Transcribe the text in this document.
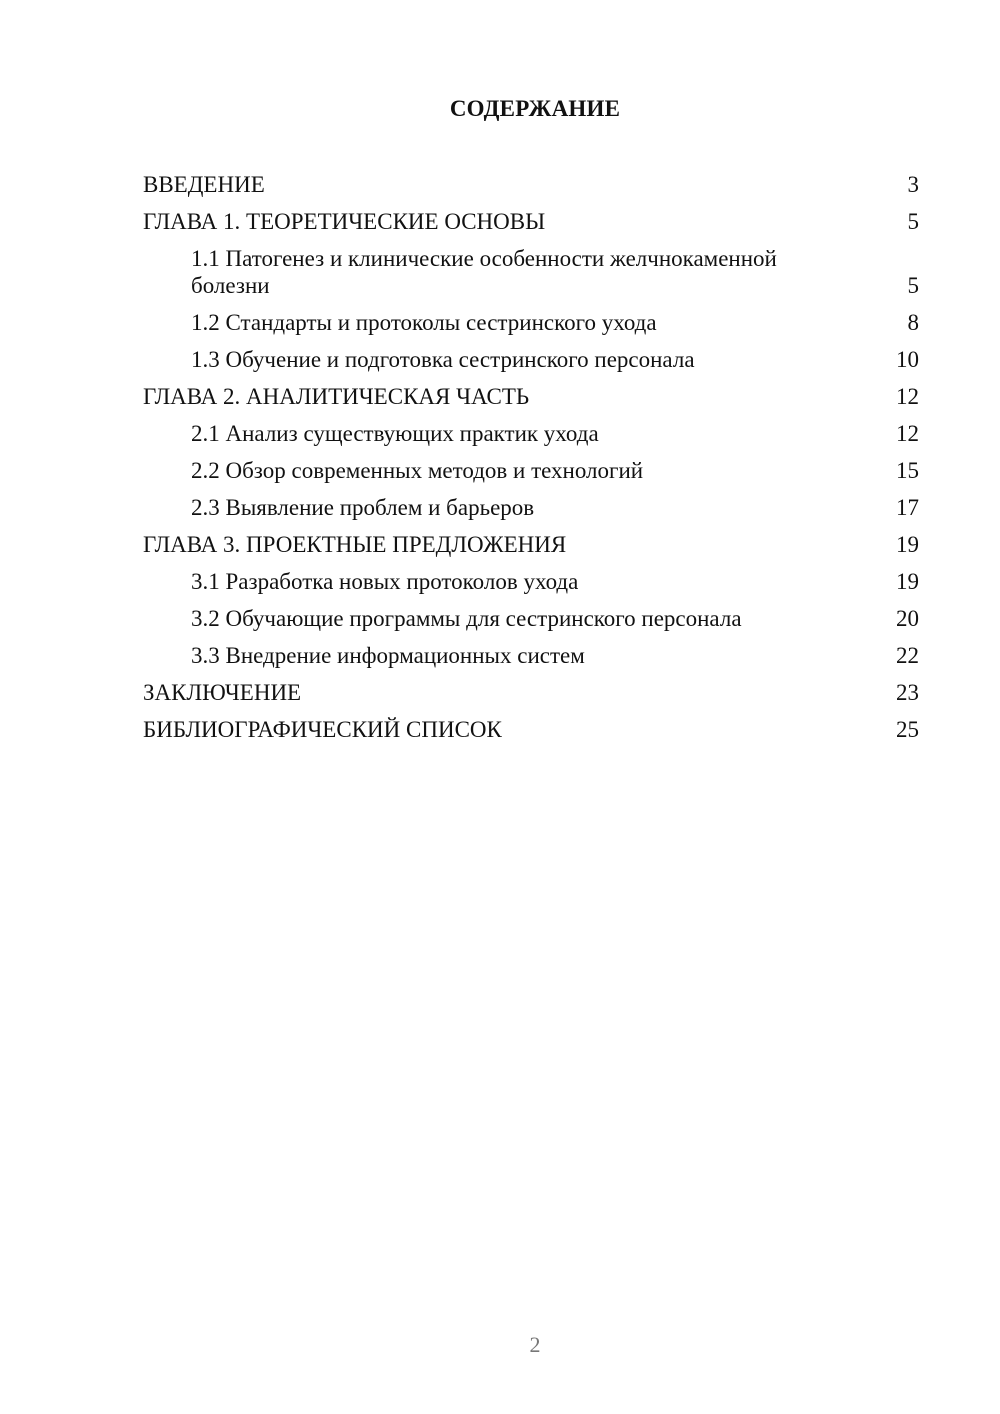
СОДЕРЖАНИЕ
ВВЕДЕНИЕ	3
ГЛАВА 1. ТЕОРЕТИЧЕСКИЕ ОСНОВЫ	5
1.1 Патогенез и клинические особенности желчнокаменной болезни	5
1.2 Стандарты и протоколы сестринского ухода	8
1.3 Обучение и подготовка сестринского персонала	10
ГЛАВА 2. АНАЛИТИЧЕСКАЯ ЧАСТЬ	12
2.1 Анализ существующих практик ухода	12
2.2 Обзор современных методов и технологий	15
2.3 Выявление проблем и барьеров	17
ГЛАВА 3. ПРОЕКТНЫЕ ПРЕДЛОЖЕНИЯ	19
3.1 Разработка новых протоколов ухода	19
3.2 Обучающие программы для сестринского персонала	20
3.3 Внедрение информационных систем	22
ЗАКЛЮЧЕНИЕ	23
БИБЛИОГРАФИЧЕСКИЙ СПИСОК	25
2
